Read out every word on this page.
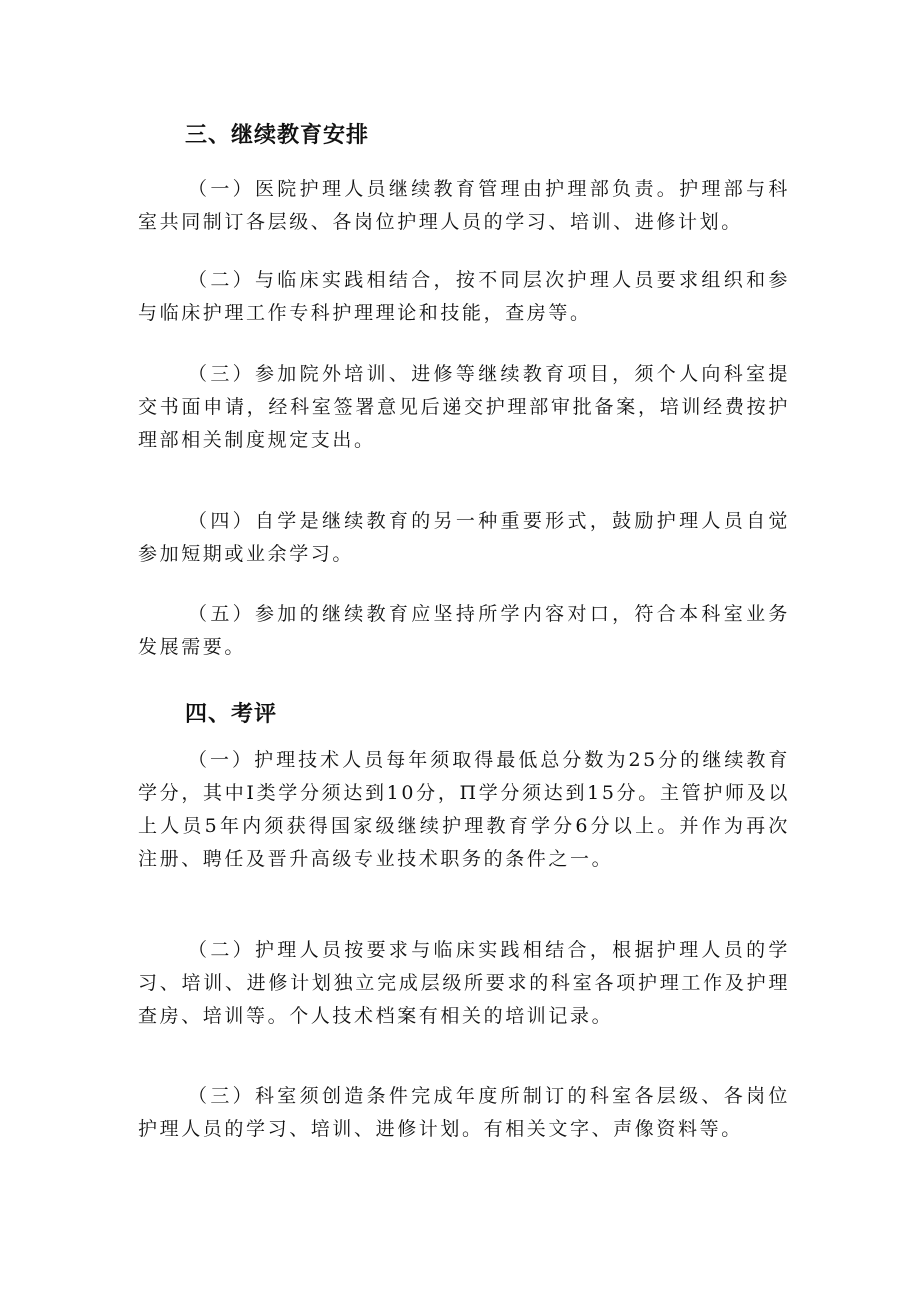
三、继续教育安排

（一）医院护理人员继续教育管理由护理部负责。护理部与科室共同制订各层级、各岗位护理人员的学习、培训、进修计划。

（二）与临床实践相结合，按不同层次护理人员要求组织和参与临床护理工作专科护理理论和技能，查房等。

（三）参加院外培训、进修等继续教育项目，须个人向科室提交书面申请，经科室签署意见后递交护理部审批备案，培训经费按护理部相关制度规定支出。

（四）自学是继续教育的另一种重要形式，鼓励护理人员自觉参加短期或业余学习。

（五）参加的继续教育应坚持所学内容对口，符合本科室业务发展需要。

四、考评

（一）护理技术人员每年须取得最低总分数为25分的继续教育学分，其中I类学分须达到10分，Π学分须达到15分。主管护师及以上人员5年内须获得国家级继续护理教育学分6分以上。并作为再次注册、聘任及晋升高级专业技术职务的条件之一。

（二）护理人员按要求与临床实践相结合，根据护理人员的学习、培训、进修计划独立完成层级所要求的科室各项护理工作及护理查房、培训等。个人技术档案有相关的培训记录。

（三）科室须创造条件完成年度所制订的科室各层级、各岗位护理人员的学习、培训、进修计划。有相关文字、声像资料等。
